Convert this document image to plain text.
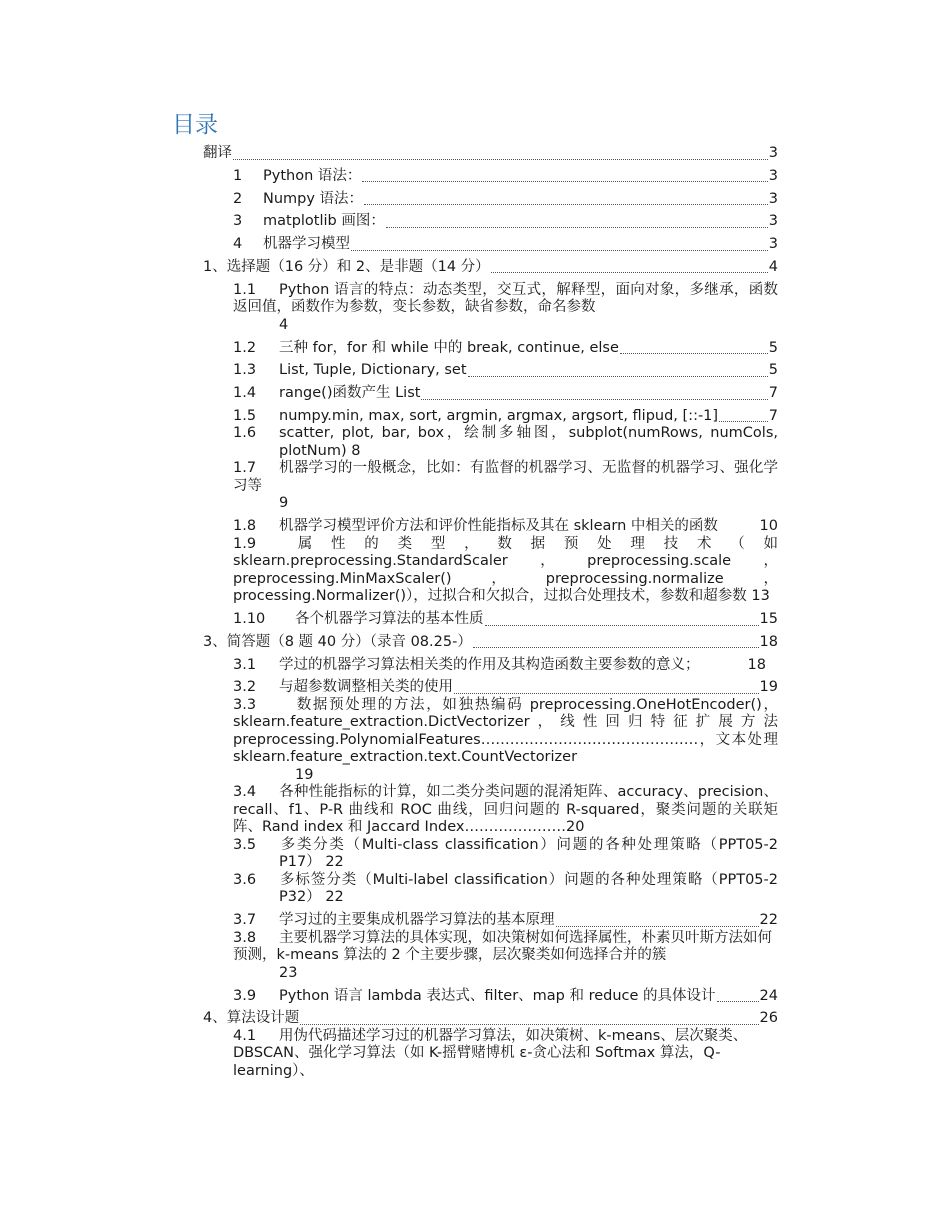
目录
翻译	3
1	Python 语法：	3
2	Numpy 语法：	3
3	matplotlib 画图：	3
4	机器学习模型	3
1、选择题（16 分）和 2、是非题（14 分）	4
1.1 Python 语言的特点：动态类型，交互式，解释型，面向对象，多继承，函数返回值，函数作为参数，变长参数，缺省参数，命名参数
4
1.2	三种 for，for 和 while 中的 break, continue, else	5
1.3	List, Tuple, Dictionary, set	5
1.4	range()函数产生 List	7
1.5	numpy.min, max, sort, argmin, argmax, argsort, flipud, [::-1]	7
1.6 scatter, plot, bar, box，绘制多轴图，subplot(numRows, numCols, plotNum) 8
1.7 机器学习的一般概念，比如：有监督的机器学习、无监督的机器学习、强化学习等
9
1.8	机器学习模型评价方法和评价性能指标及其在 sklearn 中相关的函数	10
1.9 属性的类型，数据预处理技术（如 sklearn.preprocessing.StandardScaler，preprocessing.scale，preprocessing.MinMaxScaler()，preprocessing.normalize，processing.Normalizer()），过拟合和欠拟合，过拟合处理技术，参数和超参数 13
1.10	各个机器学习算法的基本性质	15
3、简答题（8 题 40 分）（录音 08.25-）	18
3.1	学过的机器学习算法相关类的作用及其构造函数主要参数的意义；	18
3.2	与超参数调整相关类的使用	19
3.3	数据预处理的方法，如独热编码 preprocessing.OneHotEncoder()，sklearn.feature_extraction.DictVectorizer，线性回归特征扩展方法 preprocessing.PolynomialFeatures………………………………………，文本处理 sklearn.feature_extraction.text.CountVectorizer
19
3.4 各种性能指标的计算，如二类分类问题的混淆矩阵、accuracy、precision、recall、f1、P-R 曲线和 ROC 曲线，回归问题的 R-squared，聚类问题的关联矩阵、Rand index 和 Jaccard Index…………………20
3.5 多类分类（Multi-class classification）问题的各种处理策略（PPT05-2 P17） 22
3.6 多标签分类（Multi-label classification）问题的各种处理策略（PPT05-2 P32） 22
3.7	学习过的主要集成机器学习算法的基本原理	22
3.8 主要机器学习算法的具体实现，如决策树如何选择属性，朴素贝叶斯方法如何预测，k-means 算法的 2 个主要步骤，层次聚类如何选择合并的簇
23
3.9	Python 语言 lambda 表达式、filter、map 和 reduce 的具体设计	24
4、算法设计题	26
4.1 用伪代码描述学习过的机器学习算法，如决策树、k-means、层次聚类、DBSCAN、强化学习算法（如 K-摇臂赌博机 ε-贪心法和 Softmax 算法，Q-learning）、
